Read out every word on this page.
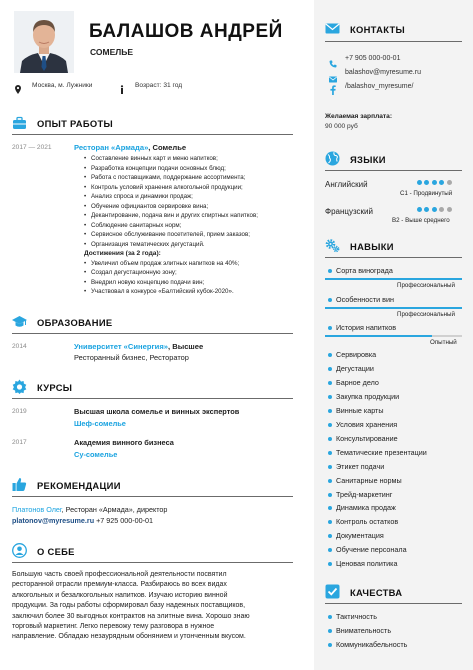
БАЛАШОВ АНДРЕЙ
СОМЕЛЬЕ
Москва, м. Лужники	Возраст: 31 год
ОПЫТ РАБОТЫ
2017 — 2021	Ресторан «Армада», Сомелье
• Составление винных карт и меню напитков;
• Разработка концепции подачи основных блюд;
• Работа с поставщиками, поддержание ассортимента;
• Контроль условий хранения алкогольной продукции;
• Анализ спроса и динамики продаж;
• Обучение официантов сервировке вина;
• Декантирование, подача вин и других спиртных напитков;
• Соблюдение санитарных норм;
• Сервисное обслуживание посетителей, прием заказов;
• Организация тематических дегустаций.
Достижения (за 2 года):
• Увеличил объем продаж элитных напитков на 40%;
• Создал дегустационную зону;
• Внедрил новую концепцию подачи вин;
• Участвовал в конкурсе «Балтийский кубок-2020».
ОБРАЗОВАНИЕ
2014	Университет «Синергия», Высшее
Ресторанный бизнес, Ресторатор
КУРСЫ
2019	Высшая школа сомелье и винных экспертов
Шеф-сомелье
2017	Академия винного бизнеса
Су-сомелье
РЕКОМЕНДАЦИИ
Платонов Олег, Ресторан «Армада», директор
platonov@myresume.ru +7 925 000-00-01
О СЕБЕ
Большую часть своей профессиональной деятельности посвятил
ресторанной отрасли премиум-класса. Разбираюсь во всех видах
алкогольных и безалкогольных напитков. Изучаю историю винной
продукции. За годы работы сформировал базу надежных поставщиков,
заключил более 30 выгодных контрактов на элитные вина. Хорошо знаю
торговый маркетинг. Легко перевожу тему разговора в нужное
направление. Обладаю незаурядным обонянием и утонченным вкусом.
КОНТАКТЫ
+7 905 000-00-01
balashov@myresume.ru
/balashov_myresume/
Желаемая зарплата:
90 000 руб
ЯЗЫКИ
Английский
С1 - Продвинутый
Французский
B2 - Выше среднего
НАВЫКИ
Сорта винограда
Профессиональный
Особенности вин
Профессиональный
История напитков
Опытный
Сервировка
Дегустации
Барное дело
Закупка продукции
Винные карты
Условия хранения
Консультирование
Тематические презентации
Этикет подачи
Санитарные нормы
Трейд-маркетинг
Динамика продаж
Контроль остатков
Документация
Обучение персонала
Ценовая политика
КАЧЕСТВА
Тактичность
Внимательность
Коммуникабельность
